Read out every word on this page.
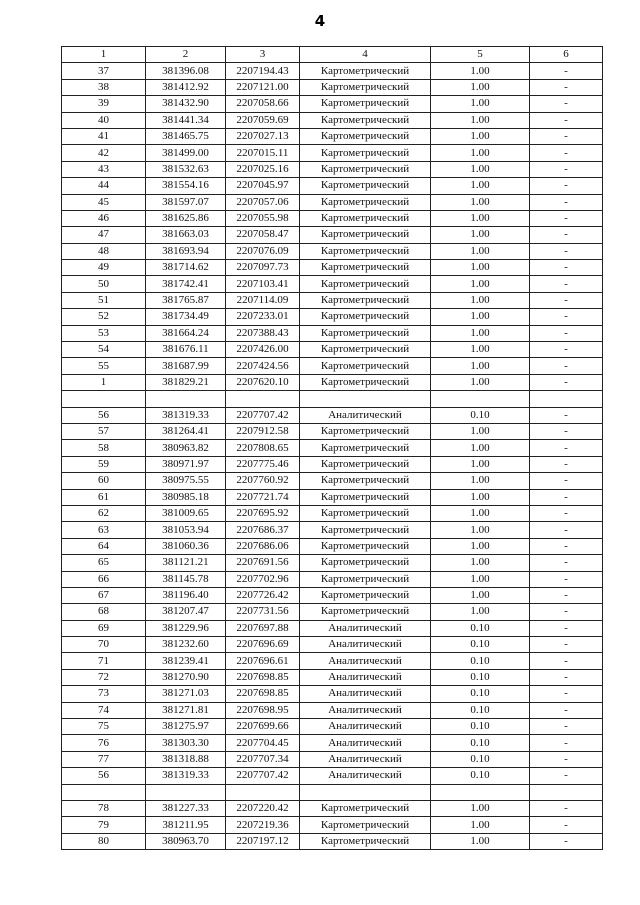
4
1	2	3	4	5	6
37	381396.08	2207194.43	Картометрический	1.00	-
38	381412.92	2207121.00	Картометрический	1.00	-
39	381432.90	2207058.66	Картометрический	1.00	-
40	381441.34	2207059.69	Картометрический	1.00	-
41	381465.75	2207027.13	Картометрический	1.00	-
42	381499.00	2207015.11	Картометрический	1.00	-
43	381532.63	2207025.16	Картометрический	1.00	-
44	381554.16	2207045.97	Картометрический	1.00	-
45	381597.07	2207057.06	Картометрический	1.00	-
46	381625.86	2207055.98	Картометрический	1.00	-
47	381663.03	2207058.47	Картометрический	1.00	-
48	381693.94	2207076.09	Картометрический	1.00	-
49	381714.62	2207097.73	Картометрический	1.00	-
50	381742.41	2207103.41	Картометрический	1.00	-
51	381765.87	2207114.09	Картометрический	1.00	-
52	381734.49	2207233.01	Картометрический	1.00	-
53	381664.24	2207388.43	Картометрический	1.00	-
54	381676.11	2207426.00	Картометрический	1.00	-
55	381687.99	2207424.56	Картометрический	1.00	-
1	381829.21	2207620.10	Картометрический	1.00	-

56	381319.33	2207707.42	Аналитический	0.10	-
57	381264.41	2207912.58	Картометрический	1.00	-
58	380963.82	2207808.65	Картометрический	1.00	-
59	380971.97	2207775.46	Картометрический	1.00	-
60	380975.55	2207760.92	Картометрический	1.00	-
61	380985.18	2207721.74	Картометрический	1.00	-
62	381009.65	2207695.92	Картометрический	1.00	-
63	381053.94	2207686.37	Картометрический	1.00	-
64	381060.36	2207686.06	Картометрический	1.00	-
65	381121.21	2207691.56	Картометрический	1.00	-
66	381145.78	2207702.96	Картометрический	1.00	-
67	381196.40	2207726.42	Картометрический	1.00	-
68	381207.47	2207731.56	Картометрический	1.00	-
69	381229.96	2207697.88	Аналитический	0.10	-
70	381232.60	2207696.69	Аналитический	0.10	-
71	381239.41	2207696.61	Аналитический	0.10	-
72	381270.90	2207698.85	Аналитический	0.10	-
73	381271.03	2207698.85	Аналитический	0.10	-
74	381271.81	2207698.95	Аналитический	0.10	-
75	381275.97	2207699.66	Аналитический	0.10	-
76	381303.30	2207704.45	Аналитический	0.10	-
77	381318.88	2207707.34	Аналитический	0.10	-
56	381319.33	2207707.42	Аналитический	0.10	-

78	381227.33	2207220.42	Картометрический	1.00	-
79	381211.95	2207219.36	Картометрический	1.00	-
80	380963.70	2207197.12	Картометрический	1.00	-
